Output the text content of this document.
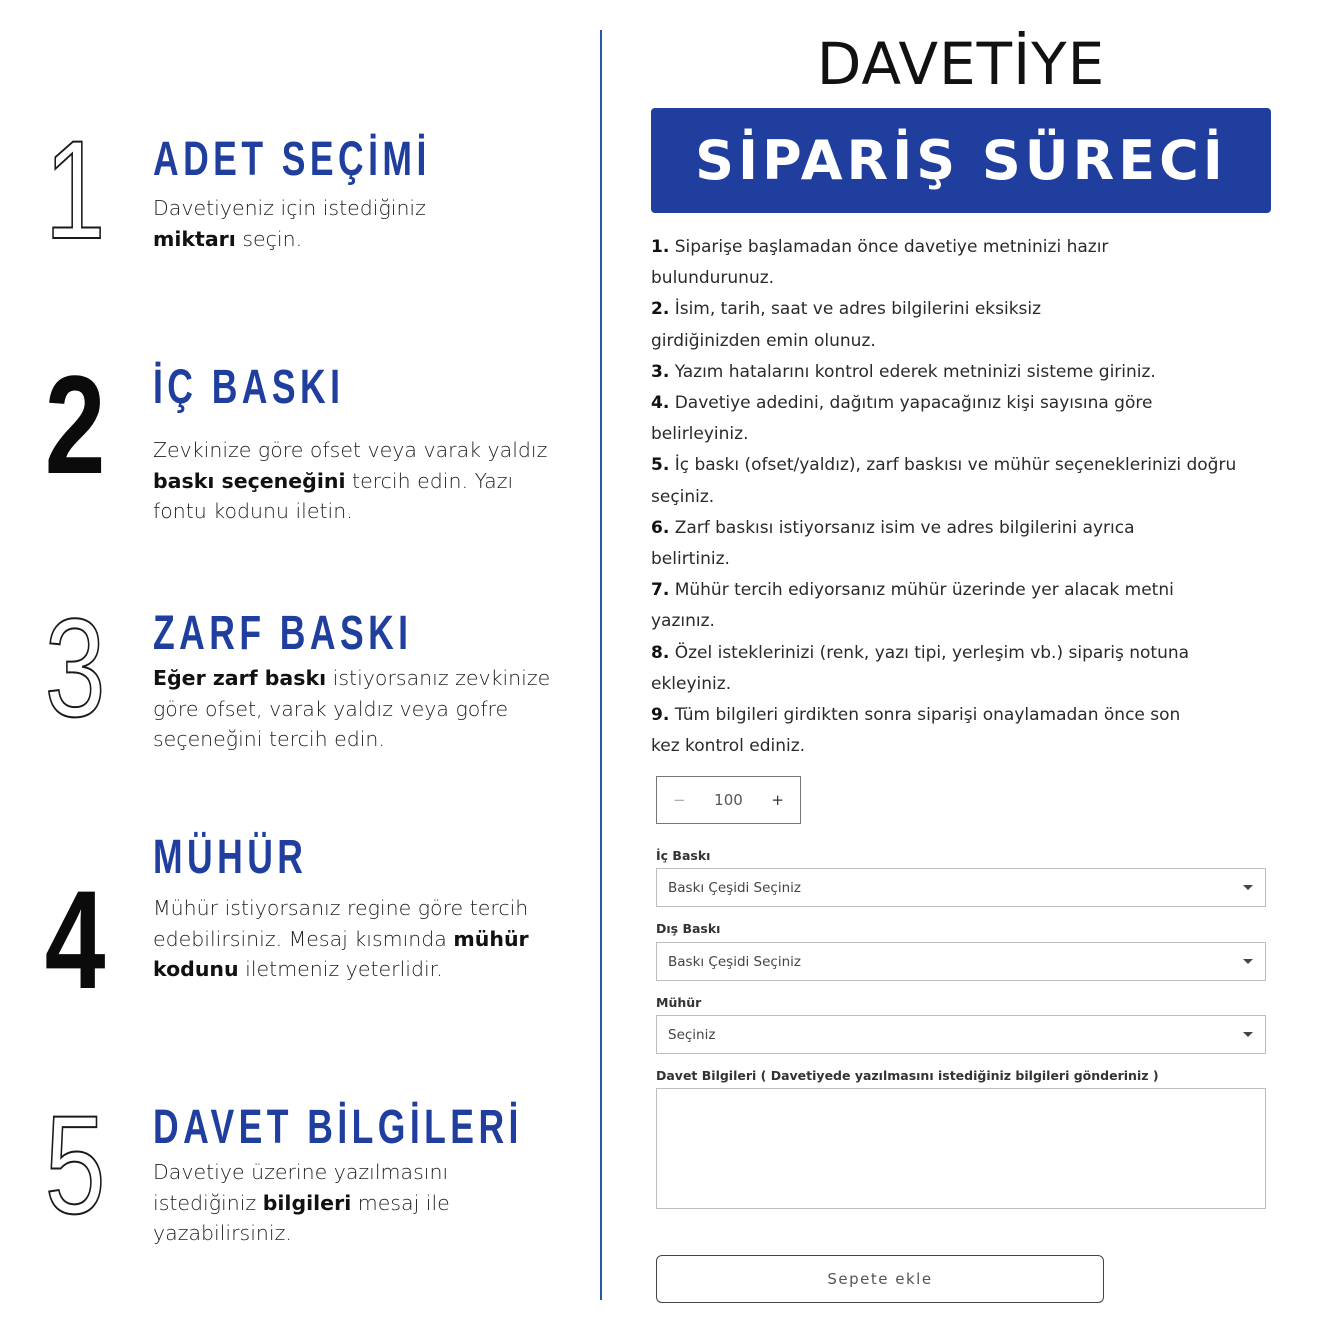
1 ADET SEÇİMİ
Davetiyeniz için istediğiniz miktarı seçin.
2 İÇ BASKI
Zevkinize göre ofset veya varak yaldız baskı seçeneğini tercih edin. Yazı fontu kodunu iletin.
3 ZARF BASKI
Eğer zarf baskı istiyorsanız zevkinize göre ofset, varak yaldız veya gofre seçeneğini tercih edin.
4
MÜHÜR
Mühür istiyorsanız regine göre tercih edebilirsiniz. Mesaj kısmında mühür kodunu iletmeniz yeterlidir.
5 DAVET BİLGİLERİ
Davetiye üzerine yazılmasını istediğiniz bilgileri mesaj ile yazabilirsiniz.
DAVETİYE
SİPARİŞ SÜRECİ
1. Siparişe başlamadan önce davetiye metninizi hazır bulundurunuz.
2. İsim, tarih, saat ve adres bilgilerini eksiksiz girdiğinizden emin olunuz.
3. Yazım hatalarını kontrol ederek metninizi sisteme giriniz.
4. Davetiye adedini, dağıtım yapacağınız kişi sayısına göre belirleyiniz.
5. İç baskı (ofset/yaldız), zarf baskısı ve mühür seçeneklerinizi doğru seçiniz.
6. Zarf baskısı istiyorsanız isim ve adres bilgilerini ayrıca belirtiniz.
7. Mühür tercih ediyorsanız mühür üzerinde yer alacak metni yazınız.
8. Özel isteklerinizi (renk, yazı tipi, yerleşim vb.) sipariş notuna ekleyiniz.
9. Tüm bilgileri girdikten sonra siparişi onaylamadan önce son kez kontrol ediniz.
− 100 +
İç Baskı
Baskı Çeşidi Seçiniz
Dış Baskı
Baskı Çeşidi Seçiniz
Mühür
Seçiniz
Davet Bilgileri ( Davetiyede yazılmasını istediğiniz bilgileri gönderiniz )
Sepete ekle
